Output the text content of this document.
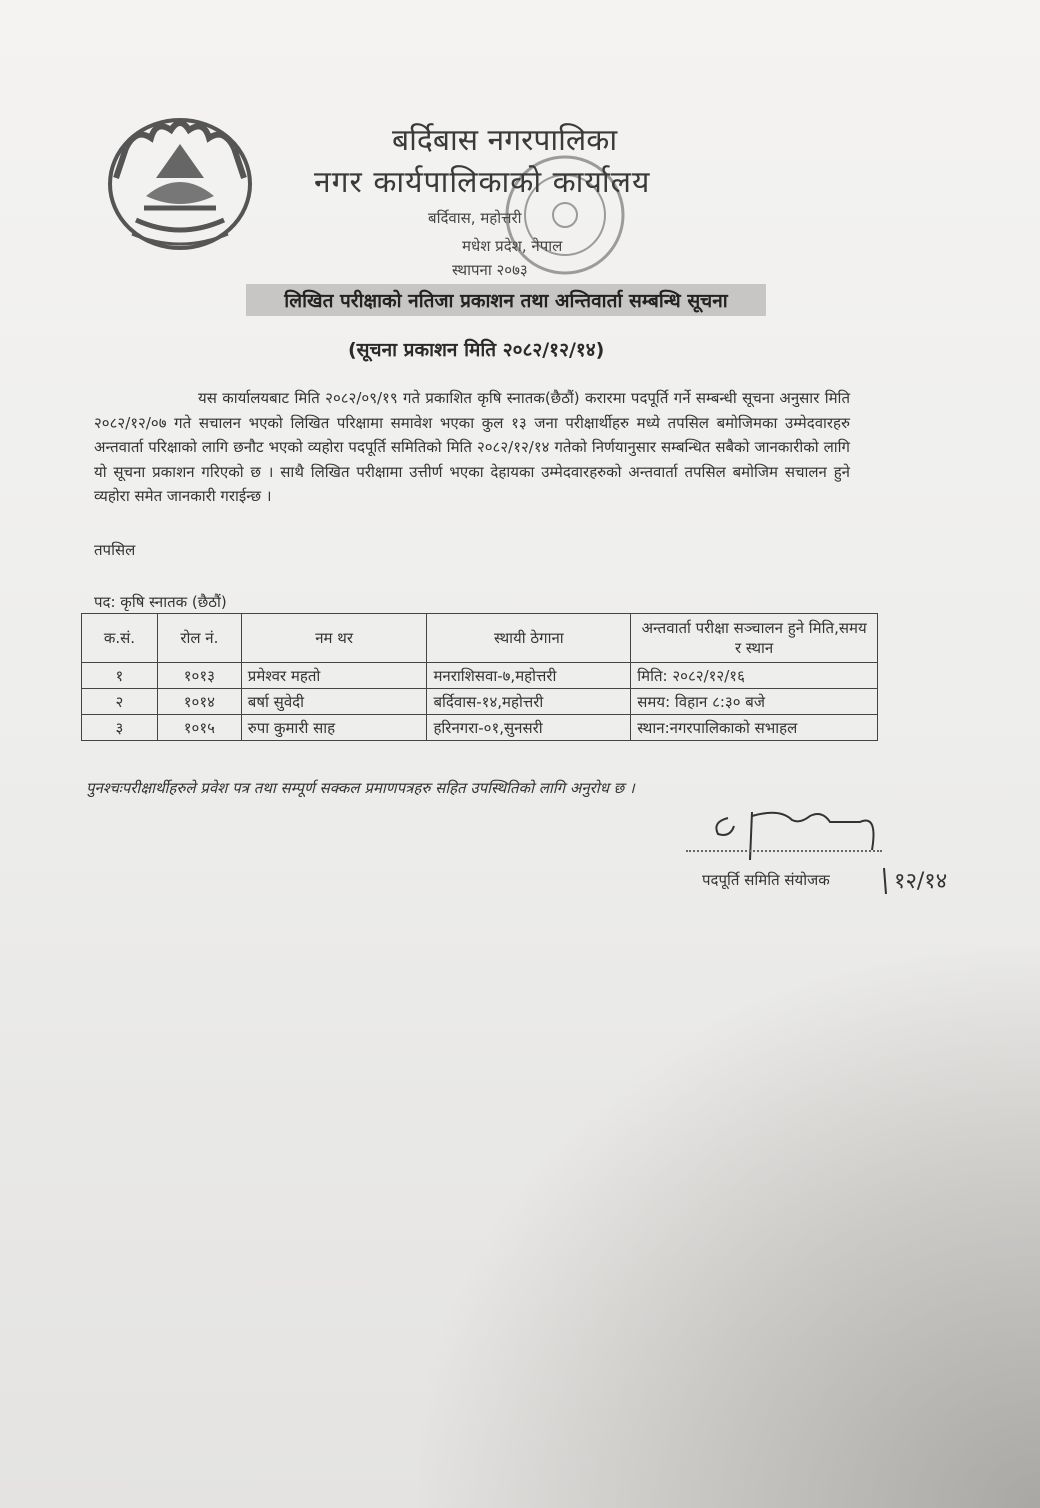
बर्दिबास नगरपालिका
नगर कार्यपालिकाको कार्यालय
बर्दिवास, महोत्तरी
मधेश प्रदेश, नेपाल
स्थापना २०७३
लिखित परीक्षाको नतिजा प्रकाशन तथा अन्तिवार्ता सम्बन्धि सूचना
(सूचना प्रकाशन मिति २०८२/१२/१४)
यस कार्यालयबाट मिति २०८२/०९/१९ गते प्रकाशित कृषि स्नातक(छैठौं) करारमा पदपूर्ति गर्ने सम्बन्धी सूचना अनुसार मिति २०८२/१२/०७ गते सचालन भएको लिखित परिक्षामा समावेश भएका कुल १३ जना परीक्षार्थीहरु मध्ये तपसिल बमोजिमका उम्मेदवारहरु अन्तवार्ता परिक्षाको लागि छनौट भएको व्यहोरा पदपूर्ति समितिको मिति २०८२/१२/१४ गतेको निर्णयानुसार सम्बन्धित सबैको जानकारीको लागि यो सूचना प्रकाशन गरिएको छ । साथै लिखित परीक्षामा उत्तीर्ण भएका देहायका उम्मेदवारहरुको अन्तवार्ता तपसिल बमोजिम सचालन हुने व्यहोरा समेत जानकारी गराईन्छ ।
तपसिल
पद: कृषि स्नातक (छैठौं)
क.सं.	रोल नं.	नम थर	स्थायी ठेगाना	अन्तवार्ता परीक्षा सञ्चालन हुने मिति,समय र स्थान
१	१०१३	प्रमेश्वर महतो	मनराशिसवा-७,महोत्तरी	मिति: २०८२/१२/१६
२	१०१४	बर्षा सुवेदी	बर्दिवास-१४,महोत्तरी	समय: विहान ८:३० बजे
३	१०१५	रुपा कुमारी साह	हरिनगरा-०१,सुनसरी	स्थान:नगरपालिकाको सभाहल
पुनश्चःपरीक्षार्थीहरुले प्रवेश पत्र तथा सम्पूर्ण सक्कल प्रमाणपत्रहरु सहित उपस्थितिको लागि अनुरोध छ ।
पदपूर्ति समिति संयोजक	१२/१४
